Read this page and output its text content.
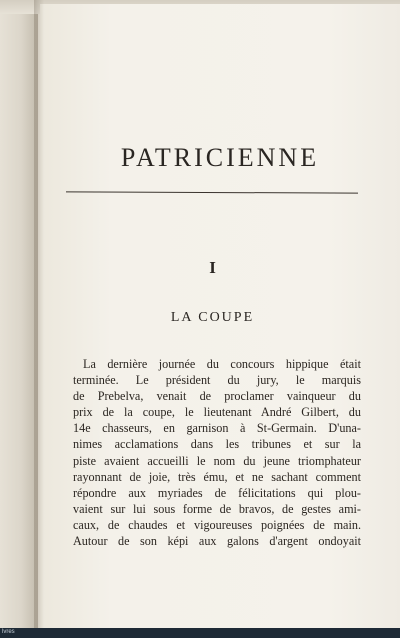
PATRICIENNE
I
LA COUPE
La dernière journée du concours hippique était
terminée. Le président du jury, le marquis
de Prebelva, venait de proclamer vainqueur du
prix de la coupe, le lieutenant André Gilbert, du
14e chasseurs, en garnison à St-Germain. D'una-
nimes acclamations dans les tribunes et sur la
piste avaient accueilli le nom du jeune triomphateur
rayonnant de joie, très ému, et ne sachant comment
répondre aux myriades de félicitations qui plou-
vaient sur lui sous forme de bravos, de gestes ami-
caux, de chaudes et vigoureuses poignées de main.
Autour de son képi aux galons d'argent ondoyait
lvres
